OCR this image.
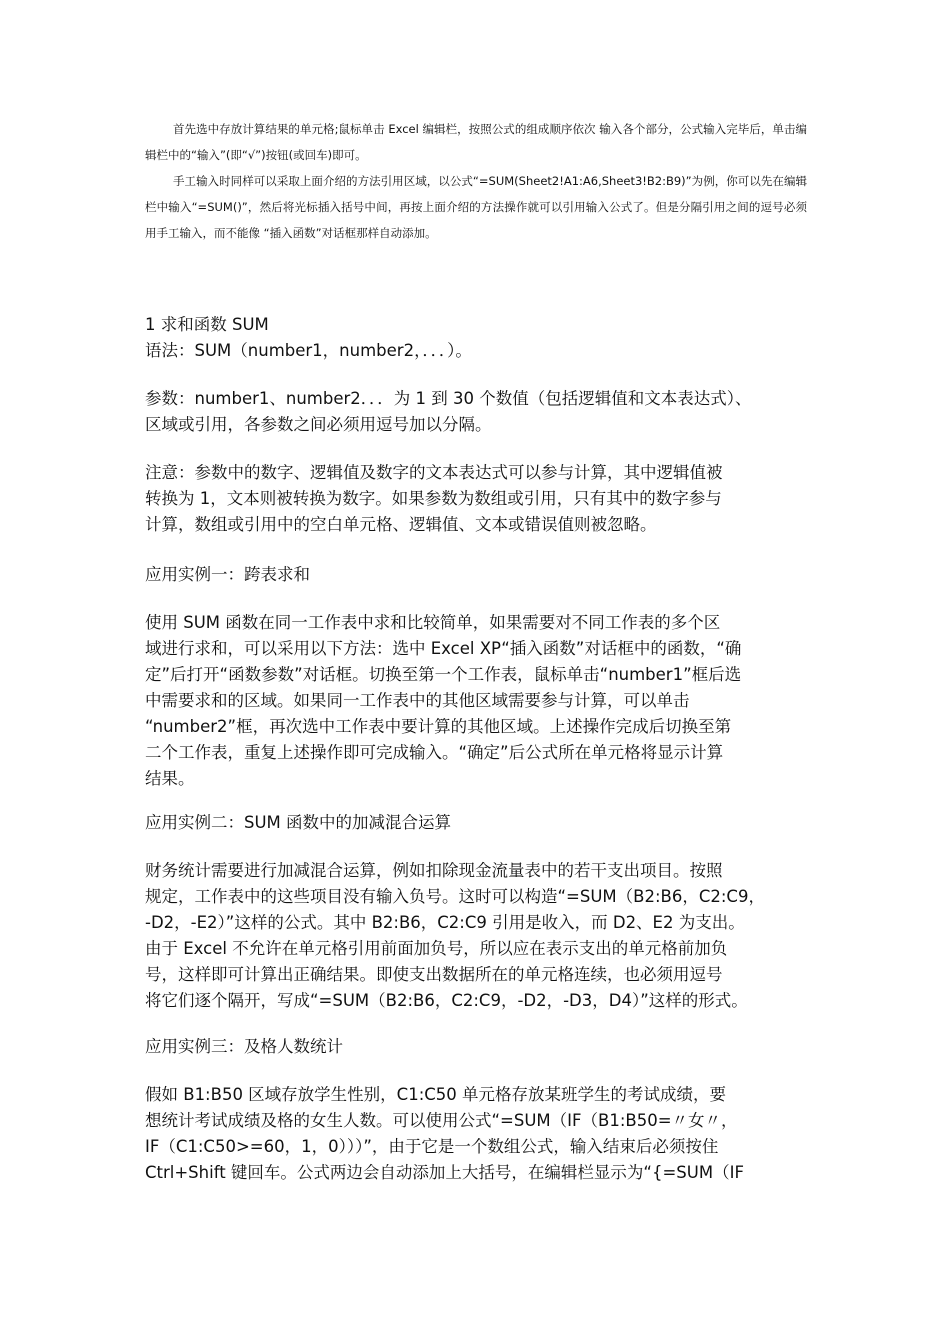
首先选中存放计算结果的单元格;鼠标单击 Excel 编辑栏，按照公式的组成顺序依次 输入各个部分，公式输入完毕后，单击编辑栏中的“输入”(即“√”)按钮(或回车)即可。

手工输入时同样可以采取上面介绍的方法引用区域，以公式“=SUM(Sheet2!A1:A6,Sheet3!B2:B9)”为例，你可以先在编辑栏中输入“=SUM()”，然后将光标插入括号中间，再按上面介绍的方法操作就可以引用输入公式了。但是分隔引用之间的逗号必须用手工输入，而不能像 “插入函数”对话框那样自动添加。

1 求和函数 SUM
语法：SUM（number1，number2，．．．）。
参数：number1、number2．．．为 1 到 30 个数值（包括逻辑值和文本表达式）、
区域或引用，各参数之间必须用逗号加以分隔。
注意：参数中的数字、逻辑值及数字的文本表达式可以参与计算，其中逻辑值被
转换为 1，文本则被转换为数字。如果参数为数组或引用，只有其中的数字参与
计算，数组或引用中的空白单元格、逻辑值、文本或错误值则被忽略。
应用实例一：跨表求和
使用 SUM 函数在同一工作表中求和比较简单，如果需要对不同工作表的多个区
域进行求和，可以采用以下方法：选中 Excel XP“插入函数”对话框中的函数，“确
定”后打开“函数参数”对话框。切换至第一个工作表，鼠标单击“number1”框后选
中需要求和的区域。如果同一工作表中的其他区域需要参与计算，可以单击
“number2”框，再次选中工作表中要计算的其他区域。上述操作完成后切换至第
二个工作表，重复上述操作即可完成输入。“确定”后公式所在单元格将显示计算
结果。
应用实例二：SUM 函数中的加减混合运算
财务统计需要进行加减混合运算，例如扣除现金流量表中的若干支出项目。按照
规定，工作表中的这些项目没有输入负号。这时可以构造“=SUM（B2:B6，C2:C9，
-D2，-E2）”这样的公式。其中 B2:B6，C2:C9 引用是收入，而 D2、E2 为支出。
由于 Excel 不允许在单元格引用前面加负号，所以应在表示支出的单元格前加负
号，这样即可计算出正确结果。即使支出数据所在的单元格连续，也必须用逗号
将它们逐个隔开，写成“=SUM（B2:B6，C2:C9，-D2，-D3，D4）”这样的形式。
应用实例三：及格人数统计
假如 B1:B50 区域存放学生性别，C1:C50 单元格存放某班学生的考试成绩，要
想统计考试成绩及格的女生人数。可以使用公式“=SUM（IF（B1:B50=〃女〃，
IF（C1:C50>=60，1，0）））”，由于它是一个数组公式，输入结束后必须按住
Ctrl+Shift 键回车。公式两边会自动添加上大括号，在编辑栏显示为“{=SUM（IF
